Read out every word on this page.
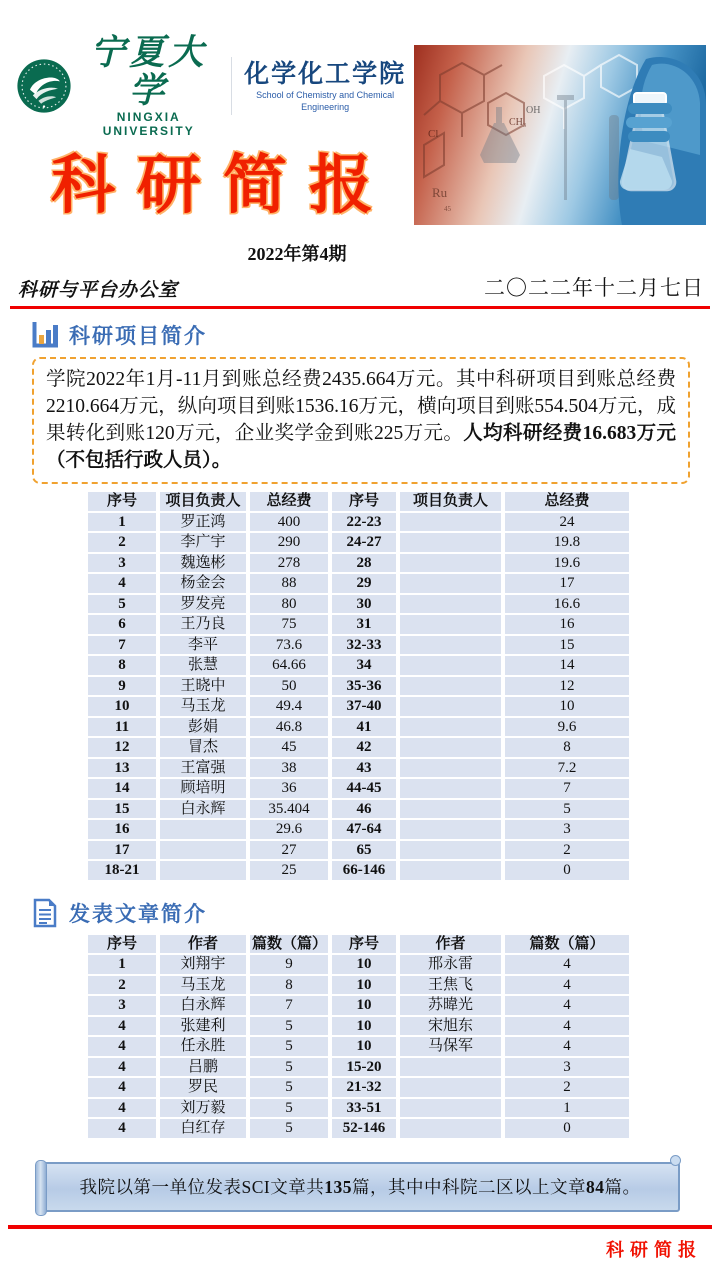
宁夏大学
NINGXIA UNIVERSITY
化学化工学院
School of Chemistry and Chemical Engineering
科研简报
Cl
CH₃
OH
Ru
45
2022年第4期
科研与平台办公室	二〇二二年十二月七日
科研项目简介
学院2022年1月-11月到账总经费2435.664万元。其中科研项目到账总经费2210.664万元，纵向项目到账1536.16万元，横向项目到账554.504万元，成果转化到账120万元，企业奖学金到账225万元。人均科研经费16.683万元（不包括行政人员）。
序号	项目负责人	总经费	序号	项目负责人	总经费
1	罗正鸿	400	22-23		24
2	李广宇	290	24-27		19.8
3	魏逸彬	278	28		19.6
4	杨金会	88	29		17
5	罗发亮	80	30		16.6
6	王乃良	75	31		16
7	李平	73.6	32-33		15
8	张慧	64.66	34		14
9	王晓中	50	35-36		12
10	马玉龙	49.4	37-40		10
11	彭娟	46.8	41		9.6
12	冒杰	45	42		8
13	王富强	38	43		7.2
14	顾培明	36	44-45		7
15	白永辉	35.404	46		5
16		29.6	47-64		3
17		27	65		2
18-21		25	66-146		0
发表文章简介
序号	作者	篇数（篇）	序号	作者	篇数（篇）
1	刘翔宇	9	10	邢永雷	4
2	马玉龙	8	10	王焦飞	4
3	白永辉	7	10	苏暐光	4
4	张建利	5	10	宋旭东	4
4	任永胜	5	10	马保军	4
4	吕鹏	5	15-20		3
4	罗民	5	21-32		2
4	刘万毅	5	33-51		1
4	白红存	5	52-146		0
我院以第一单位发表SCI文章共135篇，其中中科院二区以上文章84篇。
科研简报
